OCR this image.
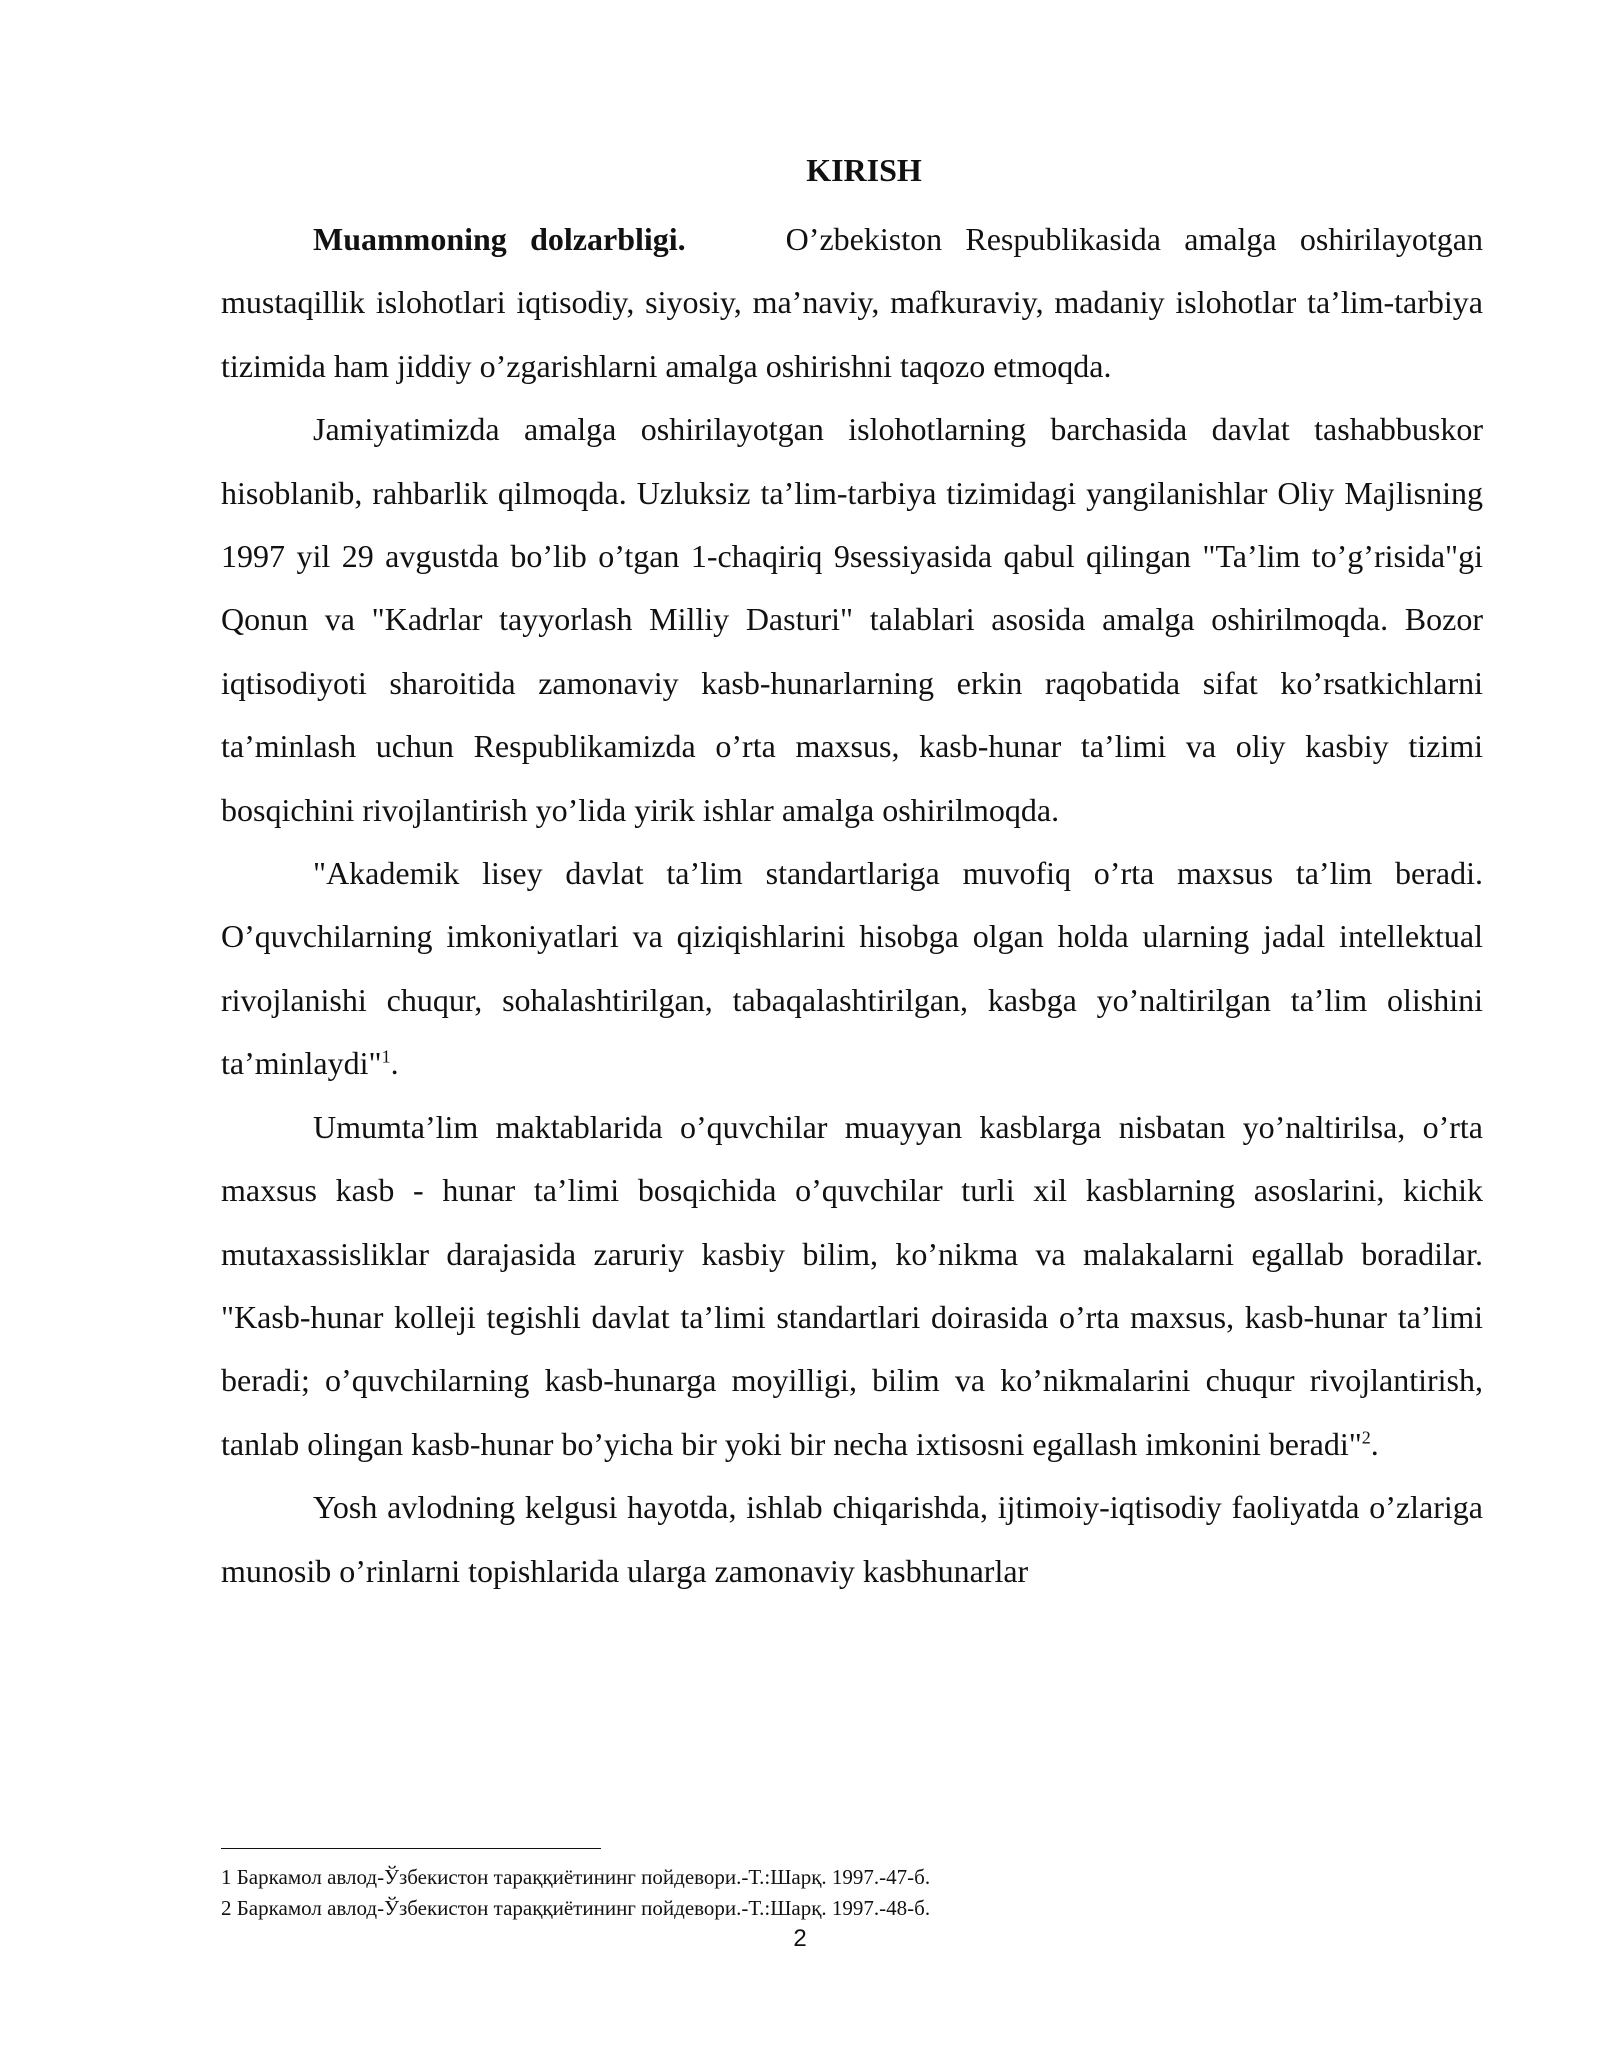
KIRISH

Muammoning dolzarbligi.	O’zbekiston Respublikasida amalga oshirilayotgan mustaqillik islohotlari iqtisodiy, siyosiy, ma’naviy, mafkuraviy, madaniy islohotlar ta’lim-tarbiya tizimida ham jiddiy o’zgarishlarni amalga oshirishni taqozo etmoqda.

Jamiyatimizda amalga oshirilayotgan islohotlarning barchasida davlat tashabbuskor hisoblanib, rahbarlik qilmoqda. Uzluksiz ta’lim-tarbiya tizimidagi yangilanishlar Oliy Majlisning 1997 yil 29 avgustda bo’lib o’tgan 1-chaqiriq 9sessiyasida qabul qilingan "Ta’lim to’g’risida"gi Qonun va "Kadrlar tayyorlash Milliy Dasturi" talablari asosida amalga oshirilmoqda. Bozor iqtisodiyoti sharoitida zamonaviy kasb-hunarlarning erkin raqobatida sifat ko’rsatkichlarni ta’minlash uchun Respublikamizda o’rta maxsus, kasb-hunar ta’limi va oliy kasbiy tizimi bosqichini rivojlantirish yo’lida yirik ishlar amalga oshirilmoqda.

"Akademik lisey davlat ta’lim standartlariga muvofiq o’rta maxsus ta’lim beradi. O’quvchilarning imkoniyatlari va qiziqishlarini hisobga olgan holda ularning jadal intellektual rivojlanishi chuqur, sohalashtirilgan, tabaqalashtirilgan, kasbga yo’naltirilgan ta’lim olishini ta’minlaydi"$^1$.

Umumta’lim maktablarida o’quvchilar muayyan kasblarga nisbatan yo’naltirilsa, o’rta maxsus kasb - hunar ta’limi bosqichida o’quvchilar turli xil kasblarning asoslarini, kichik mutaxassisliklar darajasida zaruriy kasbiy bilim, ko’nikma va malakalarni egallab boradilar. "Kasb-hunar kolleji tegishli davlat ta’limi standartlari doirasida o’rta maxsus, kasb-hunar ta’limi beradi; o’quvchilarning kasb-hunarga moyilligi, bilim va ko’nikmalarini chuqur rivojlantirish, tanlab olingan kasb-hunar bo’yicha bir yoki bir necha ixtisosni egallash imkonini beradi"$^2$.

Yosh avlodning kelgusi hayotda, ishlab chiqarishda, ijtimoiy-iqtisodiy faoliyatda o’zlariga munosib o’rinlarni topishlarida ularga zamonaviy kasbhunarlar

1 Баркамол авлод-Ўзбекистон тараққиётининг пойдевори.-Т.:Шарқ. 1997.-47-б.

2 Баркамол авлод-Ўзбекистон тараққиётининг пойдевори.-Т.:Шарқ. 1997.-48-б.

2
